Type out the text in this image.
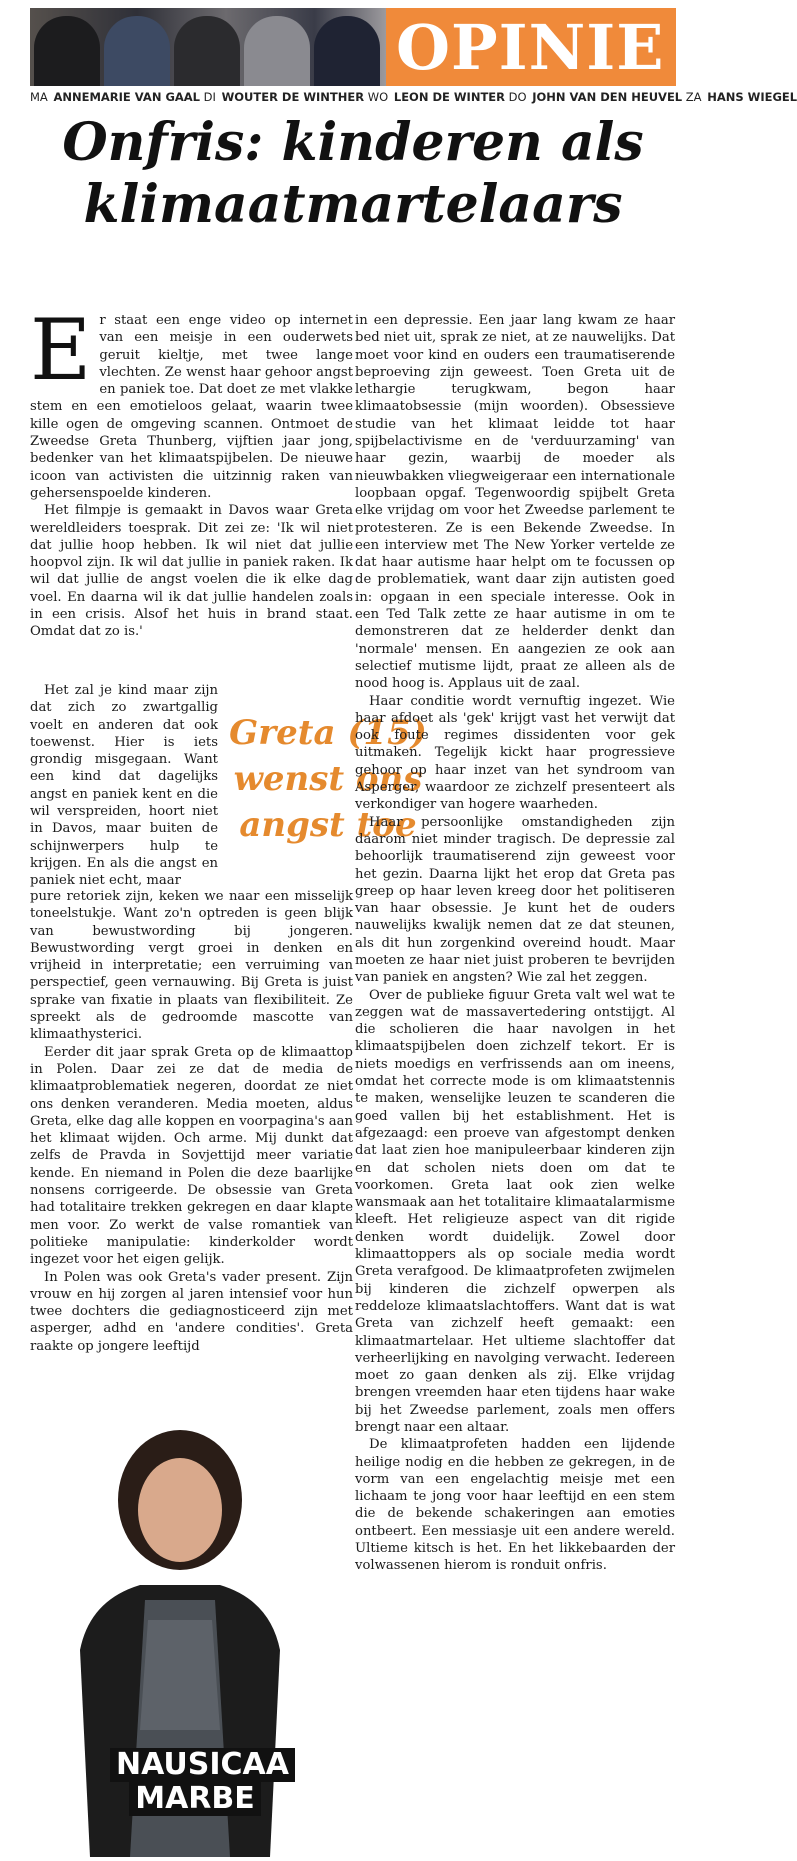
OPINIE
MA ANNEMARIE VAN GAAL DI WOUTER DE WINTHER WO LEON DE WINTER DO JOHN VAN DEN HEUVEL ZA HANS WIEGEL
Onfris: kinderen als klimaatmartelaars
E r staat een enge video op internet van een meisje in een ouderwets geruit kieltje, met twee lange vlechten. Ze wenst haar gehoor angst en paniek toe. Dat doet ze met vlakke stem en een emotieloos gelaat, waarin twee kille ogen de omgeving scannen. Ontmoet de Zweedse Greta Thunberg, vijftien jaar jong, bedenker van het klimaatspijbelen. De nieuwe icoon van activisten die uitzinnig raken van gehersenspoelde kinderen.

Het filmpje is gemaakt in Davos waar Greta wereldleiders toesprak. Dit zei ze: 'Ik wil niet dat jullie hoop hebben. Ik wil niet dat jullie hoopvol zijn. Ik wil dat jullie in paniek raken. Ik wil dat jullie de angst voelen die ik elke dag voel. En daarna wil ik dat jullie handelen zoals in een crisis. Alsof het huis in brand staat. Omdat dat zo is.'

Het zal je kind maar zijn dat zich zo zwartgallig voelt en anderen dat ook toewenst. Hier is iets grondig misgegaan. Want een kind dat dagelijks angst en paniek kent en die wil verspreiden, hoort niet in Davos, maar buiten de schijnwerpers hulp te krijgen. En als die angst en paniek niet echt, maar

Greta (15) wenst ons angst toe

pure retoriek zijn, keken we naar een misselijk toneelstukje. Want zo'n optreden is geen blijk van bewustwording bij jongeren. Bewustwording vergt groei in denken en vrijheid in interpretatie; een verruiming van perspectief, geen vernauwing. Bij Greta is juist sprake van fixatie in plaats van flexibiliteit. Ze spreekt als de gedroomde mascotte van klimaathysterici.

Eerder dit jaar sprak Greta op de klimaattop in Polen. Daar zei ze dat de media de klimaatproblematiek negeren, doordat ze niet ons denken veranderen. Media moeten, aldus Greta, elke dag alle koppen en voorpagina's aan het klimaat wijden. Och arme. Mij dunkt dat zelfs de Pravda in Sovjettijd meer variatie kende. En niemand in Polen die deze baarlijke nonsens corrigeerde. De obsessie van Greta had totalitaire trekken gekregen en daar klapte men voor. Zo werkt de valse romantiek van politieke manipulatie: kinderkolder wordt ingezet voor het eigen gelijk.

In Polen was ook Greta's vader present. Zijn vrouw en hij zorgen al jaren intensief voor hun twee dochters die gediagnosticeerd zijn met asperger, adhd en 'andere condities'. Greta raakte op jongere leeftijd

in een depressie. Een jaar lang kwam ze haar bed niet uit, sprak ze niet, at ze nauwelijks. Dat moet voor kind en ouders een traumatiserende beproeving zijn geweest. Toen Greta uit de lethargie terugkwam, begon haar klimaatobsessie (mijn woorden). Obsessieve studie van het klimaat leidde tot haar spijbelactivisme en de 'verduurzaming' van haar gezin, waarbij de moeder als nieuwbakken vliegweigeraar een internationale loopbaan opgaf. Tegenwoordig spijbelt Greta elke vrijdag om voor het Zweedse parlement te protesteren. Ze is een Bekende Zweedse. In een interview met The New Yorker vertelde ze dat haar autisme haar helpt om te focussen op de problematiek, want daar zijn autisten goed in: opgaan in een speciale interesse. Ook in een Ted Talk zette ze haar autisme in om te demonstreren dat ze helderder denkt dan 'normale' mensen. En aangezien ze ook aan selectief mutisme lijdt, praat ze alleen als de nood hoog is. Applaus uit de zaal.

Haar conditie wordt vernuftig ingezet. Wie haar afdoet als 'gek' krijgt vast het verwijt dat ook foute regimes dissidenten voor gek uitmaken. Tegelijk kickt haar progressieve gehoor op haar inzet van het syndroom van Asperger, waardoor ze zichzelf presenteert als verkondiger van hogere waarheden.

Haar persoonlijke omstandigheden zijn daarom niet minder tragisch. De depressie zal behoorlijk traumatiserend zijn geweest voor het gezin. Daarna lijkt het erop dat Greta pas greep op haar leven kreeg door het politiseren van haar obsessie. Je kunt het de ouders nauwelijks kwalijk nemen dat ze dat steunen, als dit hun zorgenkind overeind houdt. Maar moeten ze haar niet juist proberen te bevrijden van paniek en angsten? Wie zal het zeggen.

Over de publieke figuur Greta valt wel wat te zeggen wat de massavertedering ontstijgt. Al die scholieren die haar navolgen in het klimaatspijbelen doen zichzelf tekort. Er is niets moedigs en verfrissends aan om ineens, omdat het correcte mode is om klimaatstennis te maken, wenselijke leuzen te scanderen die goed vallen bij het establishment. Het is afgezaagd: een proeve van afgestompt denken dat laat zien hoe manipuleerbaar kinderen zijn en dat scholen niets doen om dat te voorkomen. Greta laat ook zien welke wansmaak aan het totalitaire klimaatalarmisme kleeft. Het religieuze aspect van dit rigide denken wordt duidelijk. Zowel door klimaattoppers als op sociale media wordt Greta verafgood. De klimaatprofeten zwijmelen bij kinderen die zichzelf opwerpen als reddeloze klimaatslachtoffers. Want dat is wat Greta van zichzelf heeft gemaakt: een klimaatmartelaar. Het ultieme slachtoffer dat verheerlijking en navolging verwacht. Iedereen moet zo gaan denken als zij. Elke vrijdag brengen vreemden haar eten tijdens haar wake bij het Zweedse parlement, zoals men offers brengt naar een altaar.

De klimaatprofeten hadden een lijdende heilige nodig en die hebben ze gekregen, in de vorm van een engelachtig meisje met een lichaam te jong voor haar leeftijd en een stem die de bekende schakeringen aan emoties ontbeert. Een messiasje uit een andere wereld. Ultieme kitsch is het. En het likkebaarden der volwassenen hierom is ronduit onfris.

NAUSICAA
MARBE
